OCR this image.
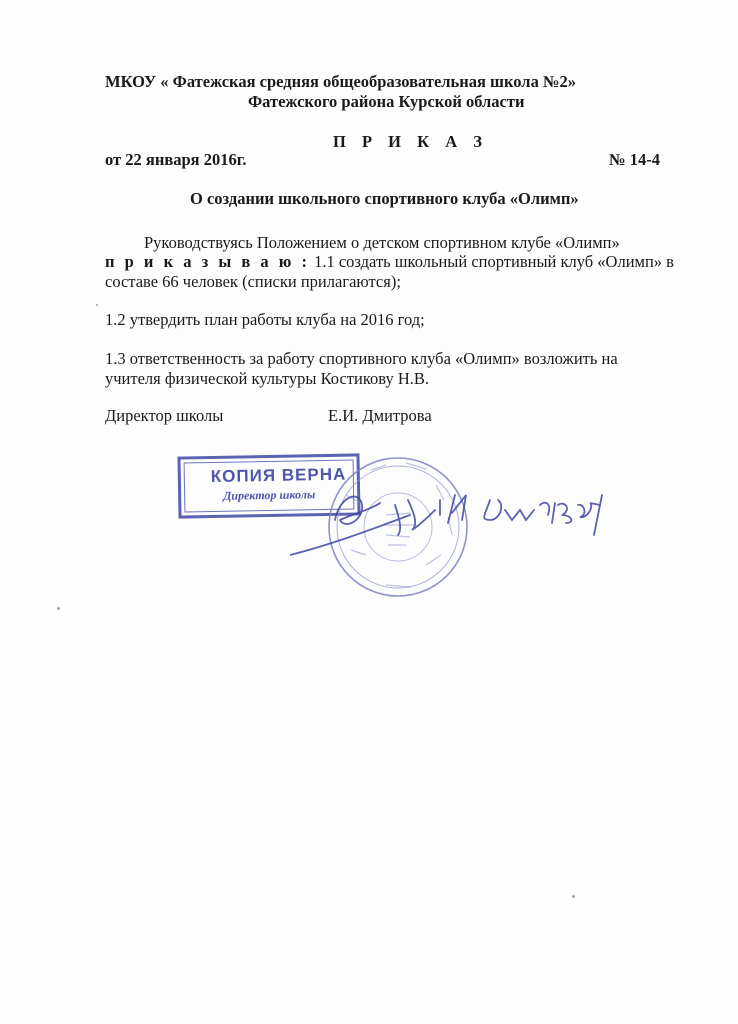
МКОУ « Фатежская средняя общеобразовательная школа №2»
Фатежского района Курской области
П Р И К А З
от 22 января 2016г.	№ 14-4
О создании школьного спортивного клуба «Олимп»
Руководствуясь Положением о детском спортивном клубе «Олимп»
п р и к а з ы в а ю : 1.1 создать школьный спортивный клуб «Олимп» в
составе 66 человек (списки прилагаются);
1.2 утвердить план работы клуба на 2016 год;
1.3 ответственность за работу спортивного клуба «Олимп» возложить на
учителя физической культуры Костикову Н.В.
Директор школы	Е.И. Дмитрова
КОПИЯ ВЕРНА
Директор школы
